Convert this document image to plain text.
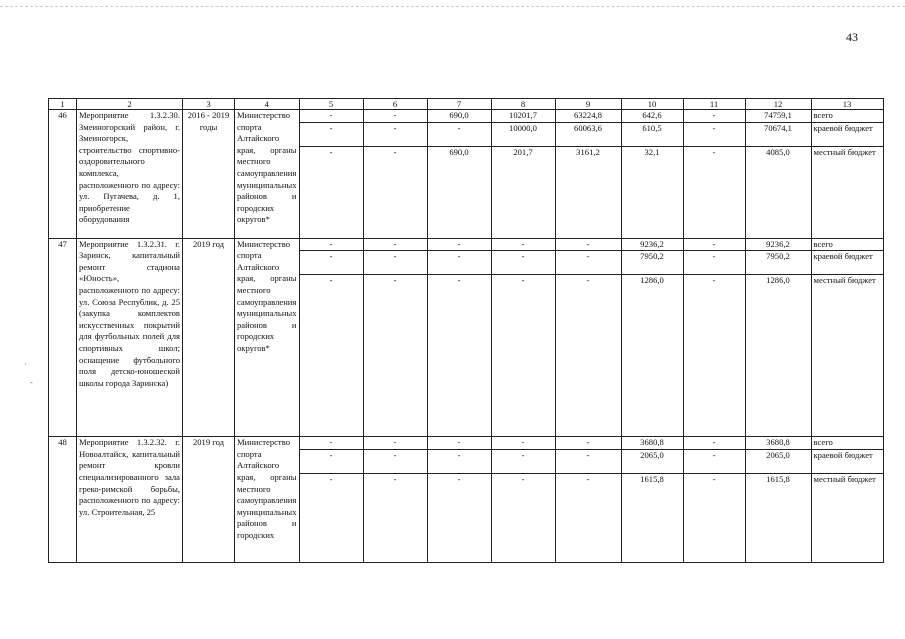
43
·
-
1	2	3	4	5	6	7	8	9	10	11	12	13
46	Мероприятие 1.3.2.30. Змеиногорский район, г. Змеиногорск, строительство спортивно-оздоровительного комплекса, расположенного по адресу: ул. Пугачева, д. 1, приобретение оборудования	2016 - 2019 годы	Министерство спорта Алтайского края, органы местного самоуправления муниципальных районов и городских округов*	-	-	690,0	10201,7	63224,8	642,6	-	74759,1	всего
				-	-	-	10000,0	60063,6	610,5	-	70674,1	краевой бюджет
				-	-	690,0	201,7	3161,2	32,1	-	4085,0	местный бюджет
47	Мероприятие 1.3.2.31. г. Заринск, капитальный ремонт стадиона «Юность», расположенного по адресу: ул. Союза Республик, д. 25 (закупка комплектов искусственных покрытий для футбольных полей для спортивных школ; оснащение футбольного поля детско-юношеской школы города Заринска)	2019 год	Министерство спорта Алтайского края, органы местного самоуправления муниципальных районов и городских округов*	-	-	-	-	-	9236,2	-	9236,2	всего
				-	-	-	-	-	7950,2	-	7950,2	краевой бюджет
				-	-	-	-	-	1286,0	-	1286,0	местный бюджет
48	Мероприятие 1.3.2.32. г. Новоалтайск, капитальный ремонт кровли специализированного зала греко-римской борьбы, расположенного по адресу: ул. Строительная, 25	2019 год	Министерство спорта Алтайского края, органы местного самоуправления муниципальных районов и городских	-	-	-	-	-	3680,8	-	3680,8	всего
				-	-	-	-	-	2065,0	-	2065,0	краевой бюджет
				-	-	-	-	-	1615,8	-	1615,8	местный бюджет
